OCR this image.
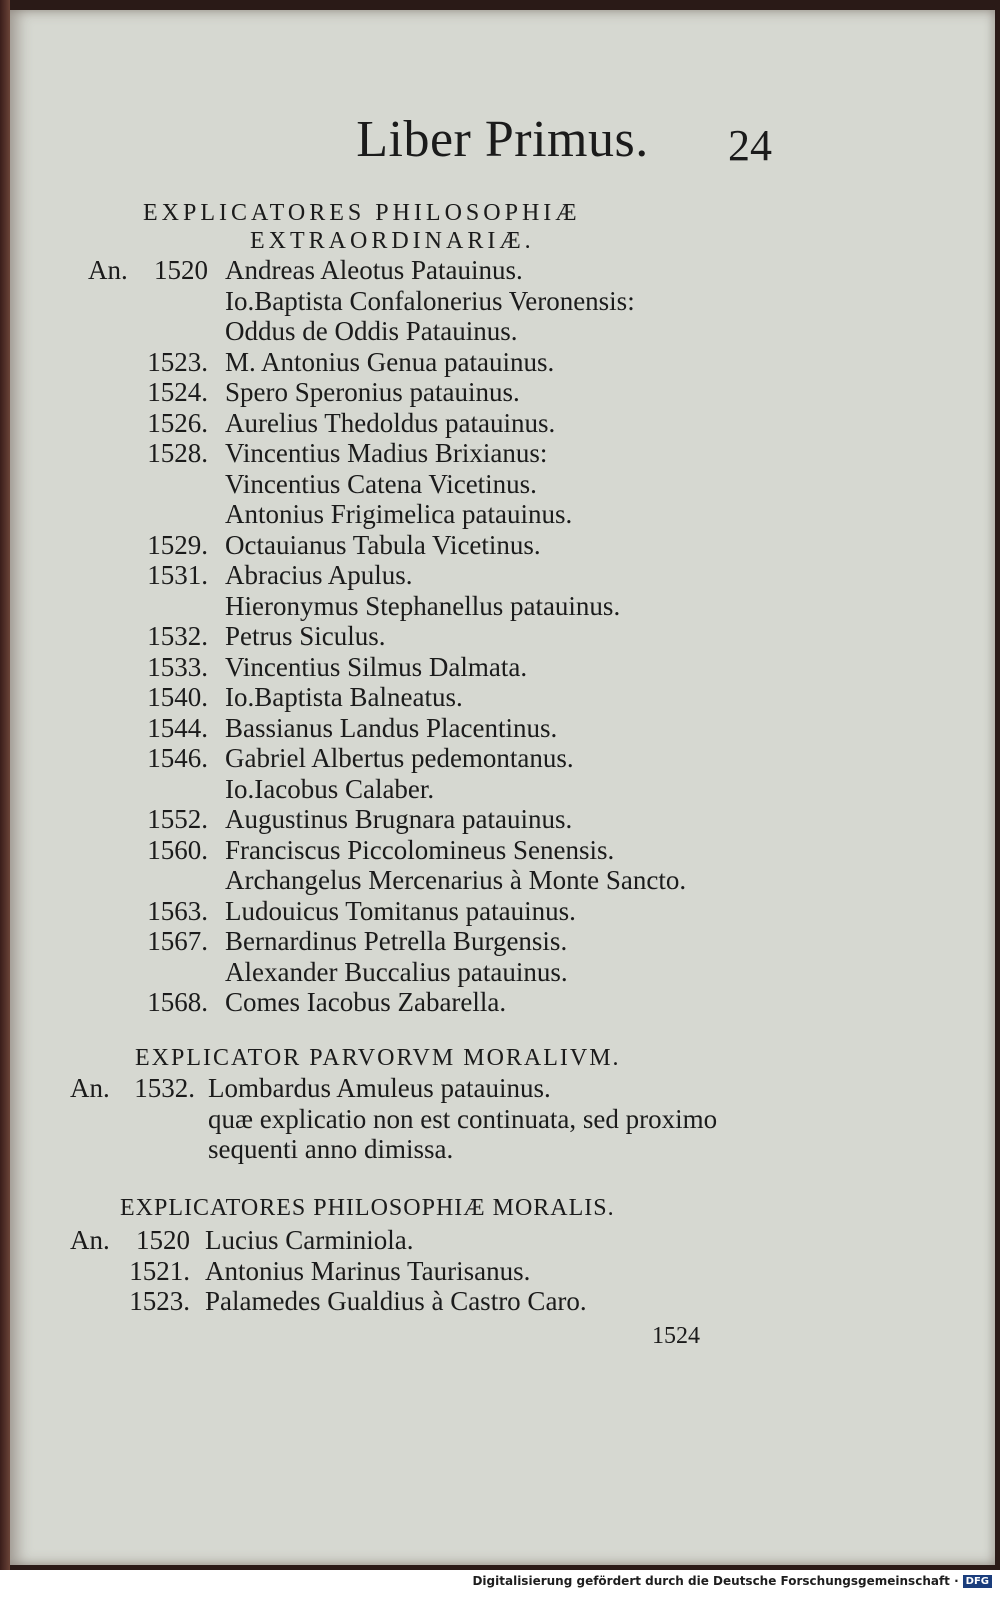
Liber Primus.	24
EXPLICATORES PHILOSOPHIÆ
EXTRAORDINARIÆ.
An. 1520 Andreas Aleotus Patauinus.
Io.Baptista Confalonerius Veronensis:
Oddus de Oddis Patauinus.
1523. M. Antonius Genua patauinus.
1524. Spero Speronius patauinus.
1526. Aurelius Thedoldus patauinus.
1528. Vincentius Madius Brixianus:
Vincentius Catena Vicetinus.
Antonius Frigimelica patauinus.
1529. Octauianus Tabula Vicetinus.
1531. Abracius Apulus.
Hieronymus Stephanellus patauinus.
1532. Petrus Siculus.
1533. Vincentius Silmus Dalmata.
1540. Io.Baptista Balneatus.
1544. Bassianus Landus Placentinus.
1546. Gabriel Albertus pedemontanus.
Io.Iacobus Calaber.
1552. Augustinus Brugnara patauinus.
1560. Franciscus Piccolomineus Senensis.
Archangelus Mercenarius à Monte Sancto.
1563. Ludouicus Tomitanus patauinus.
1567. Bernardinus Petrella Burgensis.
Alexander Buccalius patauinus.
1568. Comes Iacobus Zabarella.
EXPLICATOR PARVORVM MORALIVM.
An. 1532. Lombardus Amuleus patauinus.
quæ explicatio non est continuata, sed proximo
sequenti anno dimissa.
EXPLICATORES PHILOSOPHIÆ MORALIS.
An. 1520 Lucius Carminiola.
1521. Antonius Marinus Taurisanus.
1523. Palamedes Gualdius à Castro Caro.
1524
Digitalisierung gefördert durch die Deutsche Forschungsgemeinschaft · DFG
